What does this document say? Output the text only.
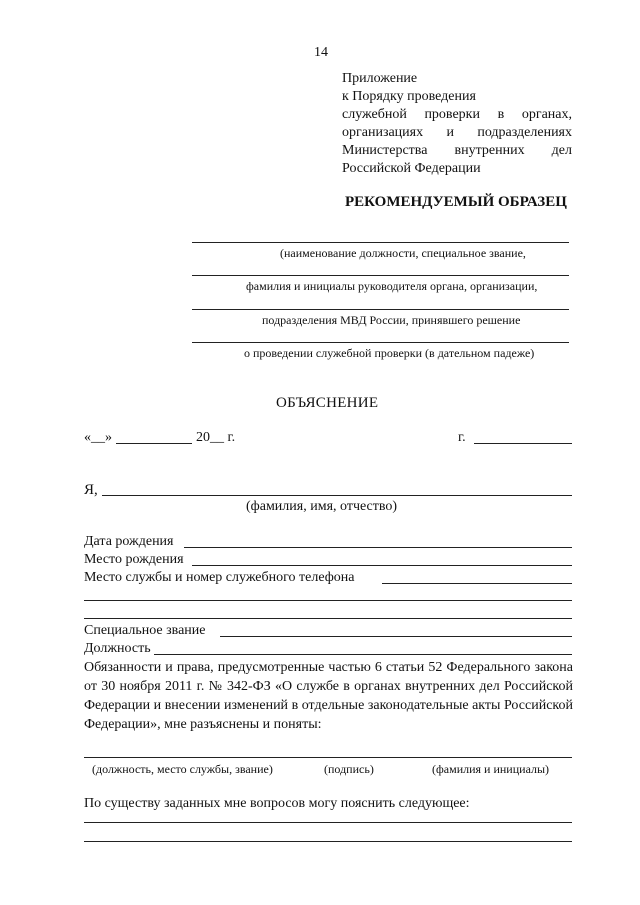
14
Приложение
к Порядку проведения
служебной проверки в органах,
организациях и подразделениях
Министерства внутренних дел
Российской Федерации
РЕКОМЕНДУЕМЫЙ ОБРАЗЕЦ
(наименование должности, специальное звание,
фамилия и инициалы руководителя органа, организации,
подразделения МВД России, принявшего решение
о проведении служебной проверки (в дательном падеже)
ОБЪЯСНЕНИЕ
«__»	20__ г.	г.
Я,
(фамилия, имя, отчество)
Дата рождения
Место рождения
Место службы и номер служебного телефона
Специальное звание
Должность
Обязанности и права, предусмотренные частью 6 статьи 52 Федерального закона от 30 ноября 2011 г. № 342-ФЗ «О службе в органах внутренних дел Российской Федерации и внесении изменений в отдельные законодательные акты Российской Федерации», мне разъяснены и поняты:
(должность, место службы, звание)	(подпись)	(фамилия и инициалы)
По существу заданных мне вопросов могу пояснить следующее:
